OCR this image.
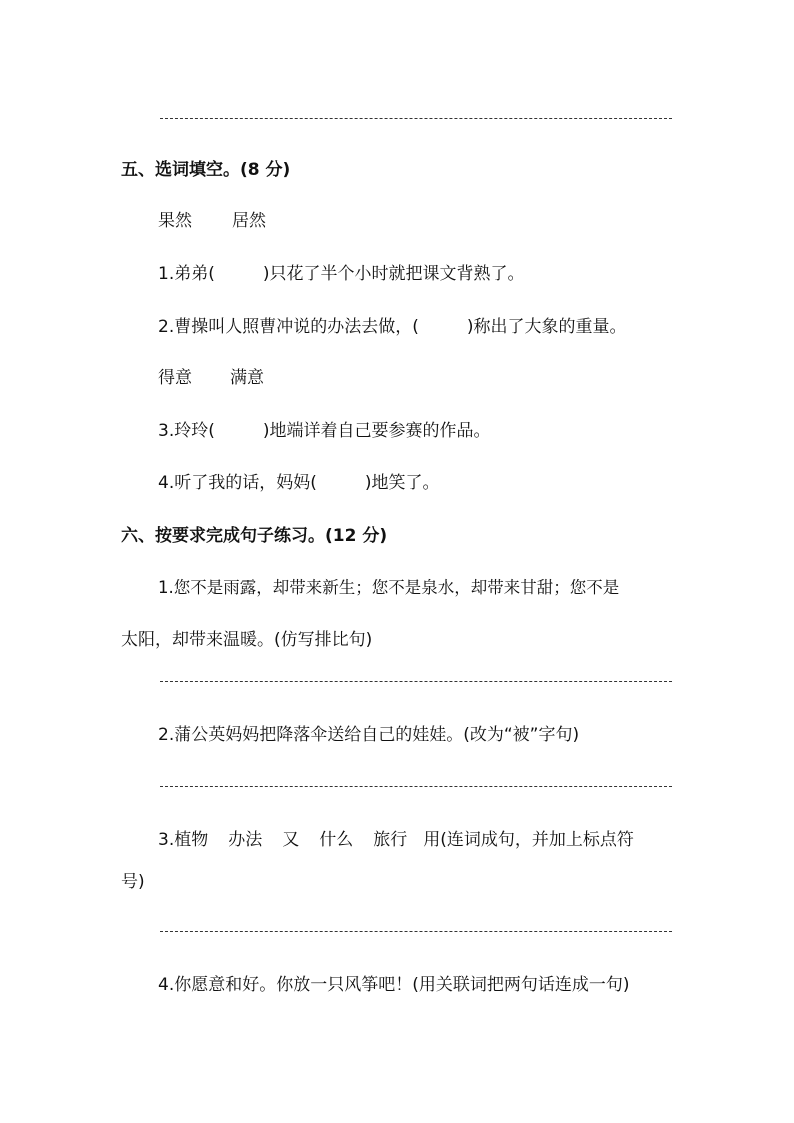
五、选词填空。(8 分)
果然 居然
1.弟弟(	)只花了半个小时就把课文背熟了。
2.曹操叫人照曹冲说的办法去做，(	)称出了大象的重量。
得意 满意
3.玲玲(	)地端详着自己要参赛的作品。
4.听了我的话，妈妈(	)地笑了。
六、按要求完成句子练习。(12 分)
1.您不是雨露，却带来新生；您不是泉水，却带来甘甜；您不是
太阳，却带来温暖。(仿写排比句)
2.蒲公英妈妈把降落伞送给自己的娃娃。(改为“被”字句)
3.植物 办法 又 什么 旅行 用(连词成句，并加上标点符
号)
4.你愿意和好。你放一只风筝吧！(用关联词把两句话连成一句)
